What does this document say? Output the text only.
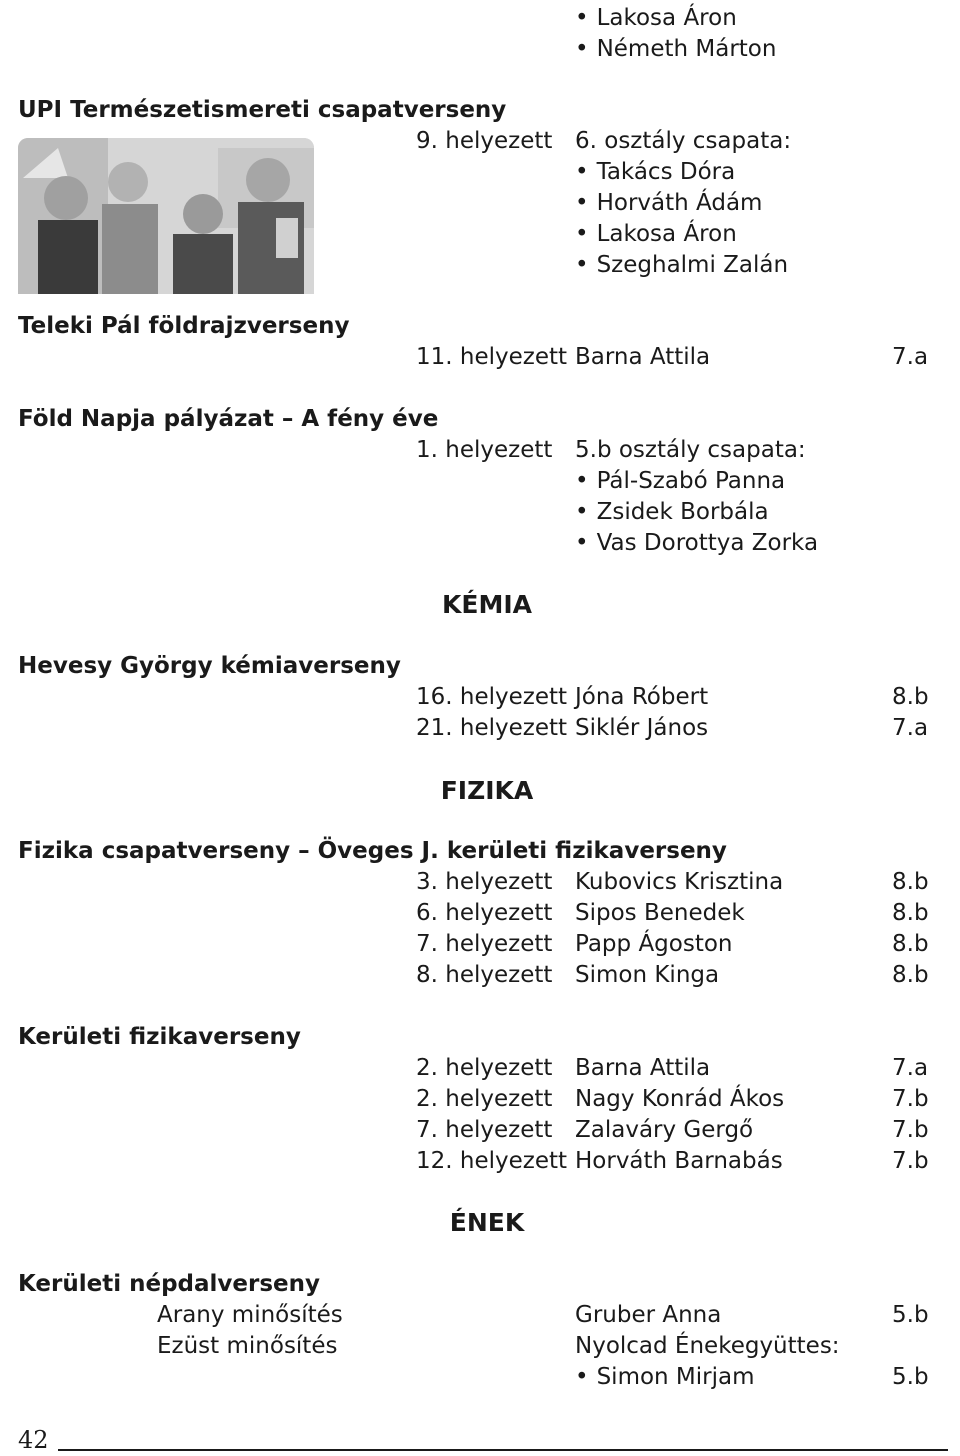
• Lakosa Áron
• Németh Márton
UPI Természetismereti csapatverseny
9. helyezett 6. osztály csapata:
• Takács Dóra
• Horváth Ádám
• Lakosa Áron
• Szeghalmi Zalán
Teleki Pál földrajzverseny
11. helyezett Barna Attila	7.a
Föld Napja pályázat – A fény éve
1. helyezett 5.b osztály csapata:
• Pál-Szabó Panna
• Zsidek Borbála
• Vas Dorottya Zorka
KÉMIA
Hevesy György kémiaverseny
16. helyezett Jóna Róbert	8.b
21. helyezett Siklér János	7.a
FIZIKA
Fizika csapatverseny – Öveges J. kerületi fizikaverseny
3. helyezett Kubovics Krisztina	8.b
6. helyezett Sipos Benedek	8.b
7. helyezett Papp Ágoston	8.b
8. helyezett Simon Kinga	8.b
Kerületi fizikaverseny
2. helyezett Barna Attila	7.a
2. helyezett Nagy Konrád Ákos	7.b
7. helyezett Zalaváry Gergő	7.b
12. helyezett Horváth Barnabás	7.b
ÉNEK
Kerületi népdalverseny
Arany minősítés	Gruber Anna	5.b
Ezüst minősítés	Nyolcad Énekegyüttes:
• Simon Mirjam	5.b
42
